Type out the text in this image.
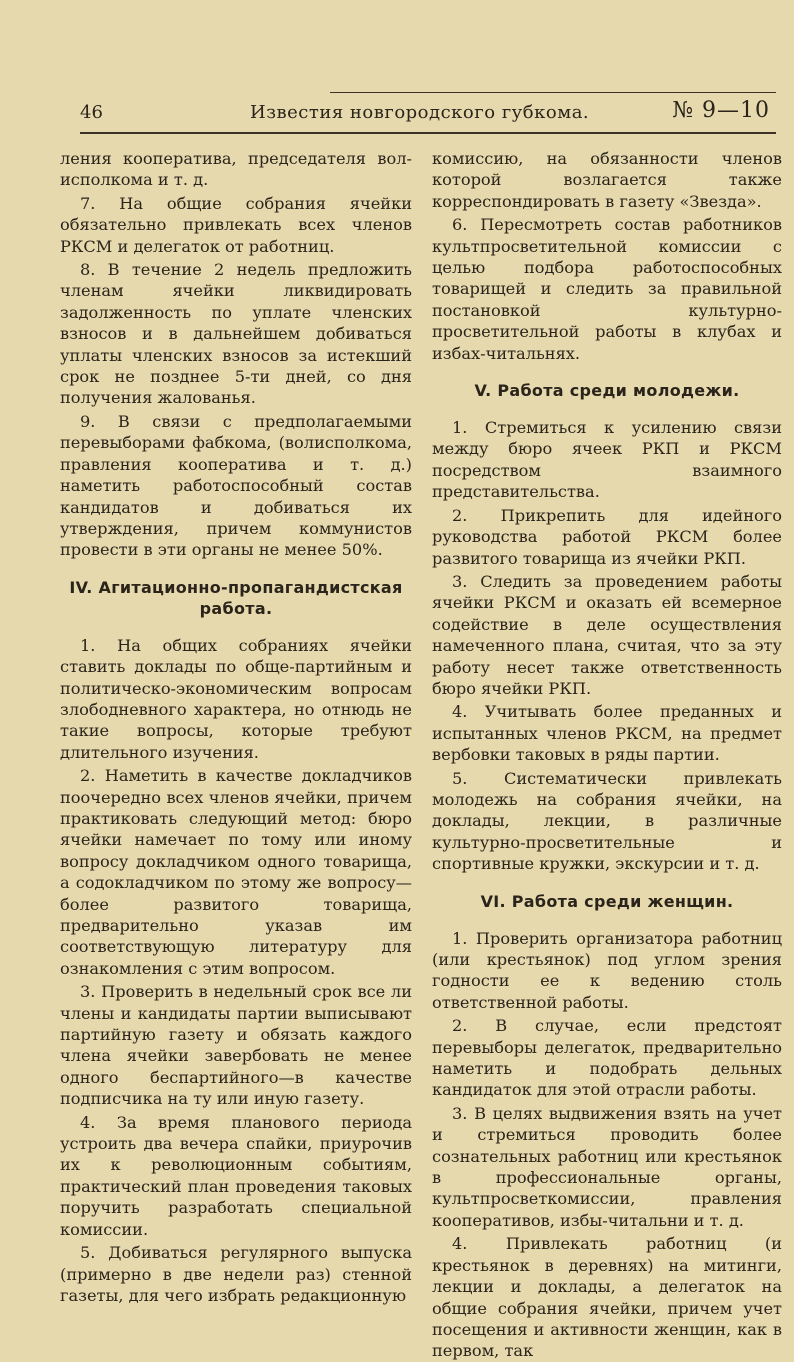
46	Известия новгородского губкома.	№ 9—10

ления кооператива, председателя вол-исполкома и т. д.

7. На общие собрания ячейки обязательно привлекать всех членов РКСМ и делегаток от работниц.

8. В течение 2 недель предложить членам ячейки ликвидировать задолженность по уплате членских взносов и в дальнейшем добиваться уплаты членских взносов за истекший срок не позднее 5-ти дней, со дня получения жалованья.

9. В связи с предполагаемыми перевыборами фабкома, (волисполкома, правления кооператива и т. д.) наметить работоспособный состав кандидатов и добиваться их утверждения, причем коммунистов провести в эти органы не менее 50%.

IV. Агитационно-пропагандистская работа.

1. На общих собраниях ячейки ставить доклады по обще-партийным и политическо-экономическим вопросам злободневного характера, но отнюдь не такие вопросы, которые требуют длительного изучения.

2. Наметить в качестве докладчиков поочередно всех членов ячейки, причем практиковать следующий метод: бюро ячейки намечает по тому или иному вопросу докладчиком одного товарища, а содокладчиком по этому же вопросу—более развитого товарища, предварительно указав им соответствующую литературу для ознакомления с этим вопросом.

3. Проверить в недельный срок все ли члены и кандидаты партии выписывают партийную газету и обязать каждого члена ячейки завербовать не менее одного беспартийного—в качестве подписчика на ту или иную газету.

4. За время планового периода устроить два вечера спайки, приурочив их к революционным событиям, практический план проведения таковых поручить разработать специальной комиссии.

5. Добиваться регулярного выпуска (примерно в две недели раз) стенной газеты, для чего избрать редакционную

комиссию, на обязанности членов которой возлагается также корреспондировать в газету «Звезда».

6. Пересмотреть состав работников культпросветительной комиссии с целью подбора работоспособных товарищей и следить за правильной постановкой культурно-просветительной работы в клубах и избах-читальнях.

V. Работа среди молодежи.

1. Стремиться к усилению связи между бюро ячеек РКП и РКСМ посредством взаимного представительства.

2. Прикрепить для идейного руководства работой РКСМ более развитого товарища из ячейки РКП.

3. Следить за проведением работы ячейки РКСМ и оказать ей всемерное содействие в деле осуществления намеченного плана, считая, что за эту работу несет также ответственность бюро ячейки РКП.

4. Учитывать более преданных и испытанных членов РКСМ, на предмет вербовки таковых в ряды партии.

5. Систематически привлекать молодежь на собрания ячейки, на доклады, лекции, в различные культурно-просветительные и спортивные кружки, экскурсии и т. д.

VI. Работа среди женщин.

1. Проверить организатора работниц (или крестьянок) под углом зрения годности ее к ведению столь ответственной работы.

2. В случае, если предстоят перевыборы делегаток, предварительно наметить и подобрать дельных кандидаток для этой отрасли работы.

3. В целях выдвижения взять на учет и стремиться проводить более сознательных работниц или крестьянок в профессиональные органы, культпросветкомиссии, правления кооперативов, избы-читальни и т. д.

4. Привлекать работниц (и крестьянок в деревнях) на митинги, лекции и доклады, а делегаток на общие собрания ячейки, причем учет посещения и активности женщин, как в первом, так
